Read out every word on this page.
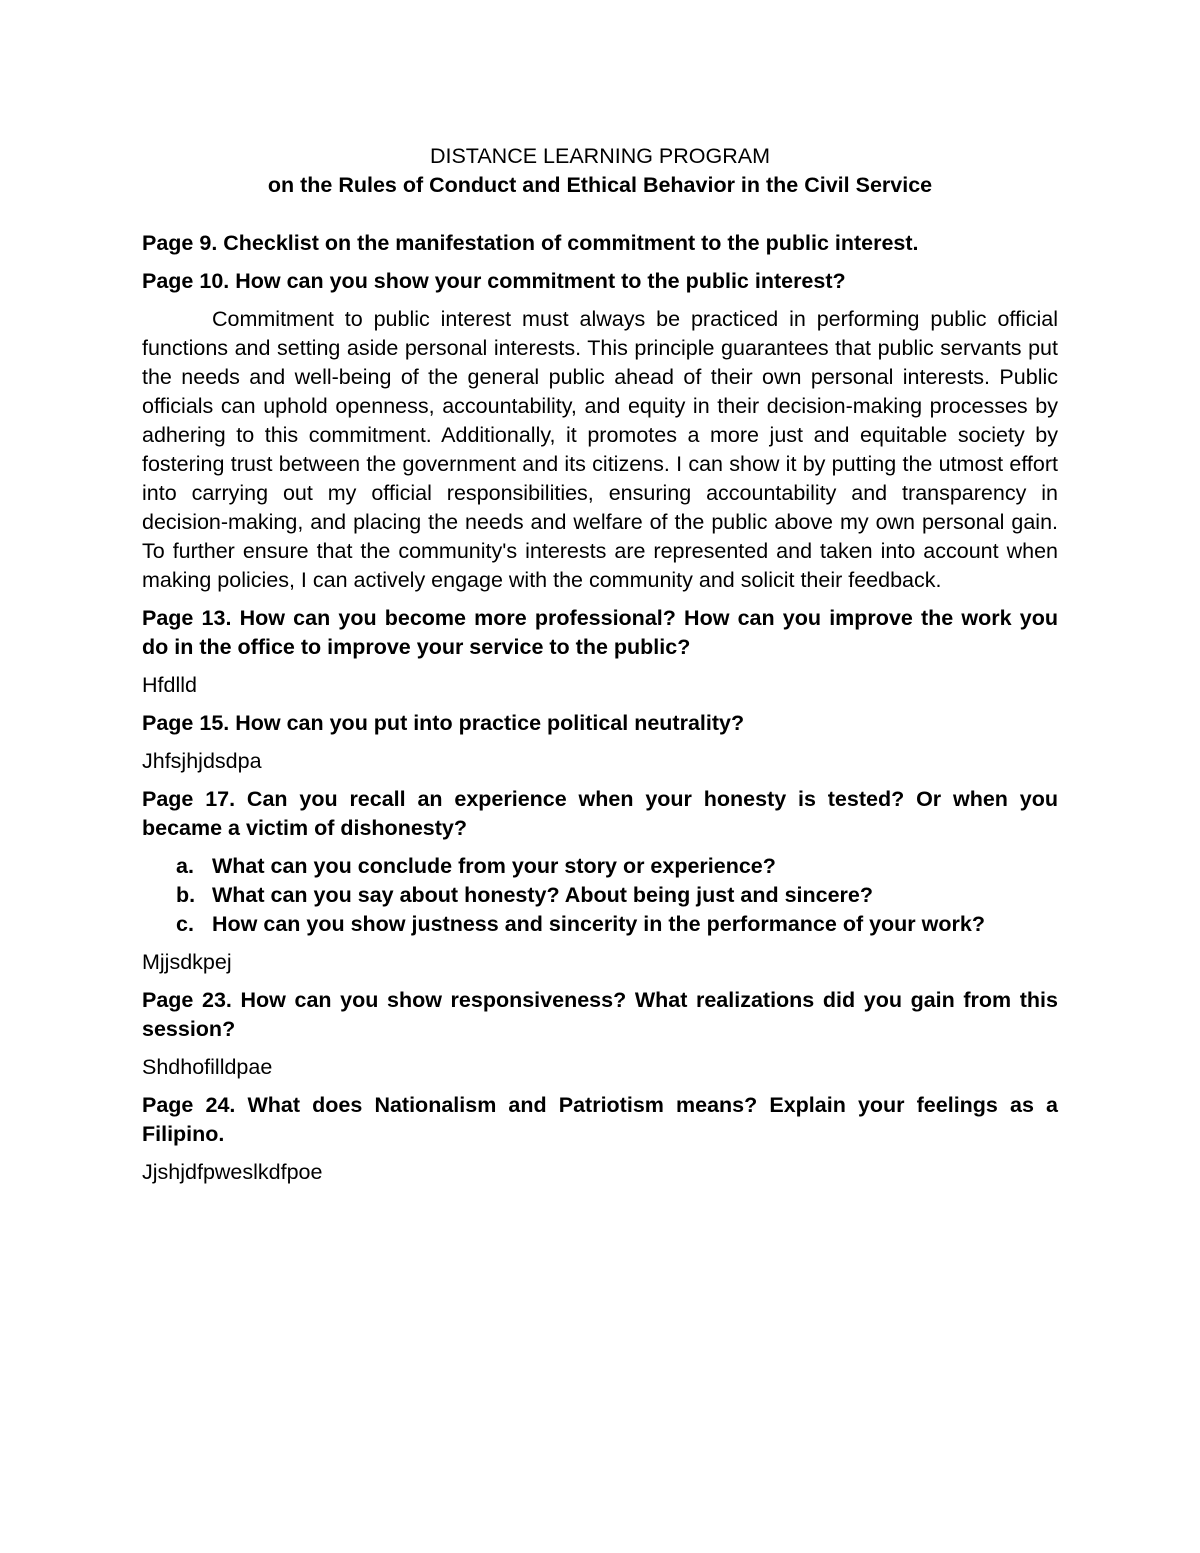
DISTANCE LEARNING PROGRAM

on the Rules of Conduct and Ethical Behavior in the Civil Service

Page 9. Checklist on the manifestation of commitment to the public interest.

Page 10. How can you show your commitment to the public interest?

Commitment to public interest must always be practiced in performing public official functions and setting aside personal interests. This principle guarantees that public servants put the needs and well-being of the general public ahead of their own personal interests. Public officials can uphold openness, accountability, and equity in their decision-making processes by adhering to this commitment. Additionally, it promotes a more just and equitable society by fostering trust between the government and its citizens. I can show it by putting the utmost effort into carrying out my official responsibilities, ensuring accountability and transparency in decision-making, and placing the needs and welfare of the public above my own personal gain. To further ensure that the community's interests are represented and taken into account when making policies, I can actively engage with the community and solicit their feedback.

Page 13. How can you become more professional? How can you improve the work you do in the office to improve your service to the public?

Hfdlld

Page 15. How can you put into practice political neutrality?

Jhfsjhjdsdpa

Page 17. Can you recall an experience when your honesty is tested? Or when you became a victim of dishonesty?

a. What can you conclude from your story or experience?
b. What can you say about honesty? About being just and sincere?
c. How can you show justness and sincerity in the performance of your work?

Mjjsdkpej

Page 23. How can you show responsiveness? What realizations did you gain from this session?

Shdhofilldpae

Page 24. What does Nationalism and Patriotism means? Explain your feelings as a Filipino.

Jjshjdfpweslkdfpoe
